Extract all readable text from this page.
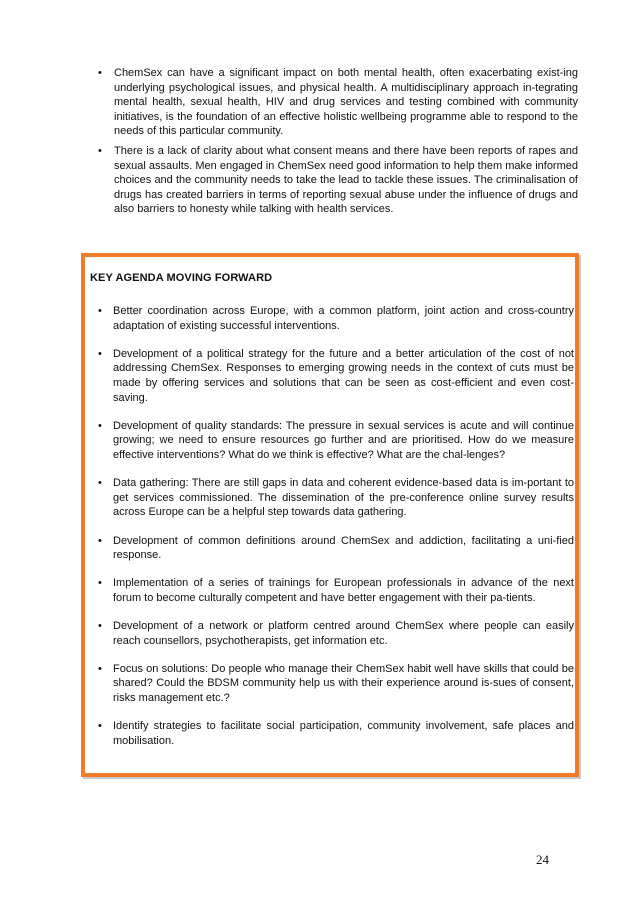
• ChemSex can have a significant impact on both mental health, often exacerbating exist-ing underlying psychological issues, and physical health. A multidisciplinary approach in-tegrating mental health, sexual health, HIV and drug services and testing combined with community initiatives, is the foundation of an effective holistic wellbeing programme able to respond to the needs of this particular community.
• There is a lack of clarity about what consent means and there have been reports of rapes and sexual assaults. Men engaged in ChemSex need good information to help them make informed choices and the community needs to take the lead to tackle these issues. The criminalisation of drugs has created barriers in terms of reporting sexual abuse under the influence of drugs and also barriers to honesty while talking with health services.
KEY AGENDA MOVING FORWARD
• Better coordination across Europe, with a common platform, joint action and cross-country adaptation of existing successful interventions.
• Development of a political strategy for the future and a better articulation of the cost of not addressing ChemSex. Responses to emerging growing needs in the context of cuts must be made by offering services and solutions that can be seen as cost-efficient and even cost-saving.
• Development of quality standards: The pressure in sexual services is acute and will continue growing; we need to ensure resources go further and are prioritised. How do we measure effective interventions? What do we think is effective? What are the chal-lenges?
• Data gathering: There are still gaps in data and coherent evidence-based data is im-portant to get services commissioned. The dissemination of the pre-conference online survey results across Europe can be a helpful step towards data gathering.
• Development of common definitions around ChemSex and addiction, facilitating a uni-fied response.
• Implementation of a series of trainings for European professionals in advance of the next forum to become culturally competent and have better engagement with their pa-tients.
• Development of a network or platform centred around ChemSex where people can easily reach counsellors, psychotherapists, get information etc.
• Focus on solutions: Do people who manage their ChemSex habit well have skills that could be shared? Could the BDSM community help us with their experience around is-sues of consent, risks management etc.?
• Identify strategies to facilitate social participation, community involvement, safe places and mobilisation.
24
